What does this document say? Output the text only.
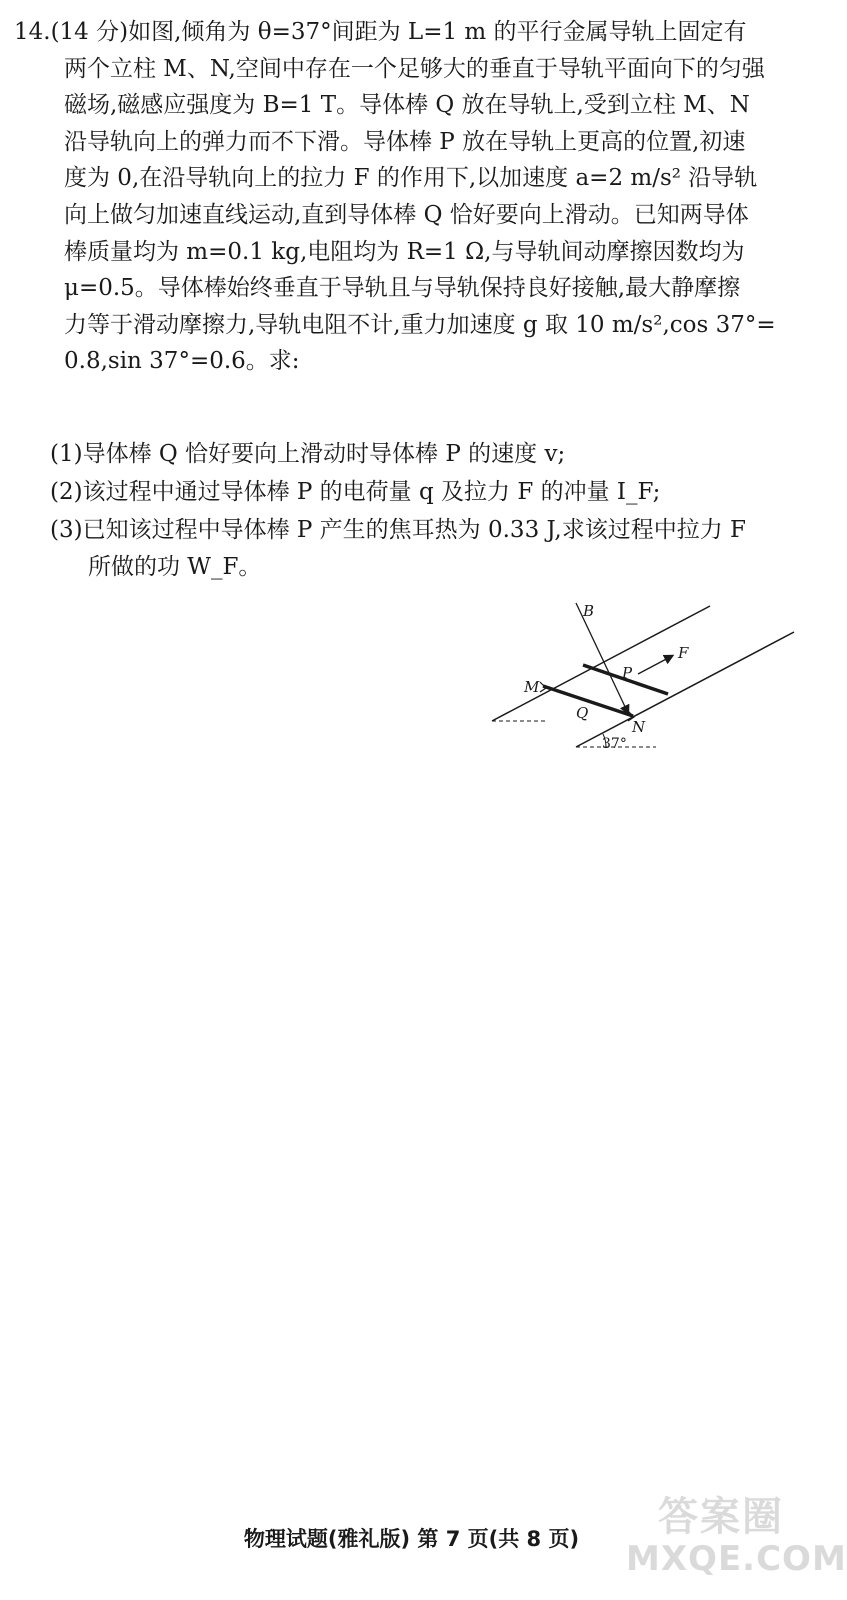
14.(14 分)如图,倾角为 θ=37°间距为 L=1 m 的平行金属导轨上固定有
两个立柱 M、N,空间中存在一个足够大的垂直于导轨平面向下的匀强
磁场,磁感应强度为 B=1 T。导体棒 Q 放在导轨上,受到立柱 M、N
沿导轨向上的弹力而不下滑。导体棒 P 放在导轨上更高的位置,初速
度为 0,在沿导轨向上的拉力 F 的作用下,以加速度 a=2 m/s² 沿导轨
向上做匀加速直线运动,直到导体棒 Q 恰好要向上滑动。已知两导体
棒质量均为 m=0.1 kg,电阻均为 R=1 Ω,与导轨间动摩擦因数均为
μ=0.5。导体棒始终垂直于导轨且与导轨保持良好接触,最大静摩擦
力等于滑动摩擦力,导轨电阻不计,重力加速度 g 取 10 m/s²,cos 37°=
0.8,sin 37°=0.6。求:
(1)导体棒 Q 恰好要向上滑动时导体棒 P 的速度 v;
(2)该过程中通过导体棒 P 的电荷量 q 及拉力 F 的冲量 I_F;
(3)已知该过程中导体棒 P 产生的焦耳热为 0.33 J,求该过程中拉力 F
所做的功 W_F。
37°
B
P
F
M
Q
N
物理试题(雅礼版) 第 7 页(共 8 页)	答案圈
MXQE.COM
